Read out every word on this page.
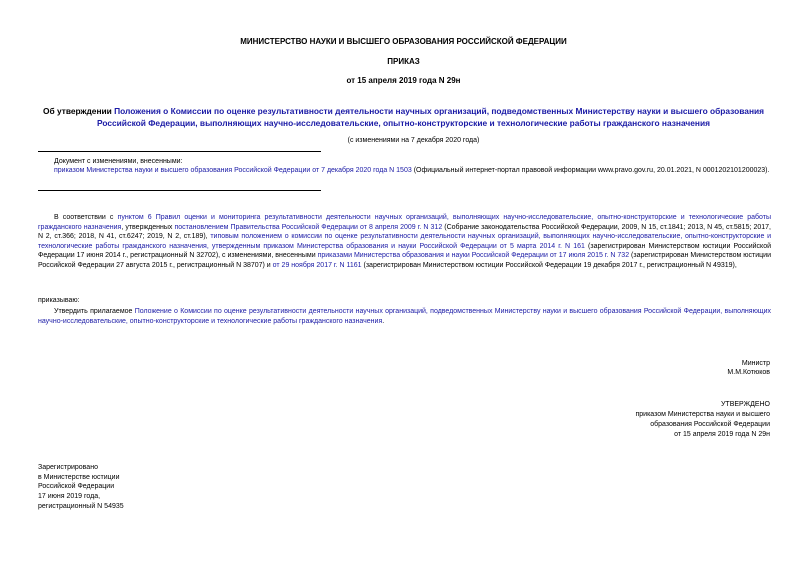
МИНИСТЕРСТВО НАУКИ И ВЫСШЕГО ОБРАЗОВАНИЯ РОССИЙСКОЙ ФЕДЕРАЦИИ
ПРИКАЗ
от 15 апреля 2019 года N 29н
Об утверждении Положения о Комиссии по оценке результативности деятельности научных организаций, подведомственных Министерству науки и высшего образования Российской Федерации, выполняющих научно-исследовательские, опытно-конструкторские и технологические работы гражданского назначения
(с изменениями на 7 декабря 2020 года)
Документ с изменениями, внесенными:
приказом Министерства науки и высшего образования Российской Федерации от 7 декабря 2020 года N 1503 (Официальный интернет-портал правовой информации www.pravo.gov.ru, 20.01.2021, N 0001202101200023).
В соответствии с пунктом 6 Правил оценки и мониторинга результативности деятельности научных организаций, выполняющих научно-исследовательские, опытно-конструкторские и технологические работы гражданского назначения, утвержденных постановлением Правительства Российской Федерации от 8 апреля 2009 г. N 312 (Собрание законодательства Российской Федерации, 2009, N 15, ст.1841; 2013, N 45, ст.5815; 2017, N 2, ст.366; 2018, N 41, ст.6247; 2019, N 2, ст.189), типовым положением о комиссии по оценке результативности деятельности научных организаций, выполняющих научно-исследовательские, опытно-конструкторские и технологические работы гражданского назначения, утвержденным приказом Министерства образования и науки Российской Федерации от 5 марта 2014 г. N 161 (зарегистрирован Министерством юстиции Российской Федерации 17 июня 2014 г., регистрационный N 32702), с изменениями, внесенными приказами Министерства образования и науки Российской Федерации от 17 июля 2015 г. N 732 (зарегистрирован Министерством юстиции Российской Федерации 27 августа 2015 г., регистрационный N 38707) и от 29 ноября 2017 г. N 1161 (зарегистрирован Министерством юстиции Российской Федерации 19 декабря 2017 г., регистрационный N 49319),
приказываю:
Утвердить прилагаемое Положение о Комиссии по оценке результативности деятельности научных организаций, подведомственных Министерству науки и высшего образования Российской Федерации, выполняющих научно-исследовательские, опытно-конструкторские и технологические работы гражданского назначения.
Министр
М.М.Котюков
УТВЕРЖДЕНО
приказом Министерства науки и высшего
образования Российской Федерации
от 15 апреля 2019 года N 29н
Зарегистрировано
в Министерстве юстиции
Российской Федерации
17 июня 2019 года,
регистрационный N 54935
